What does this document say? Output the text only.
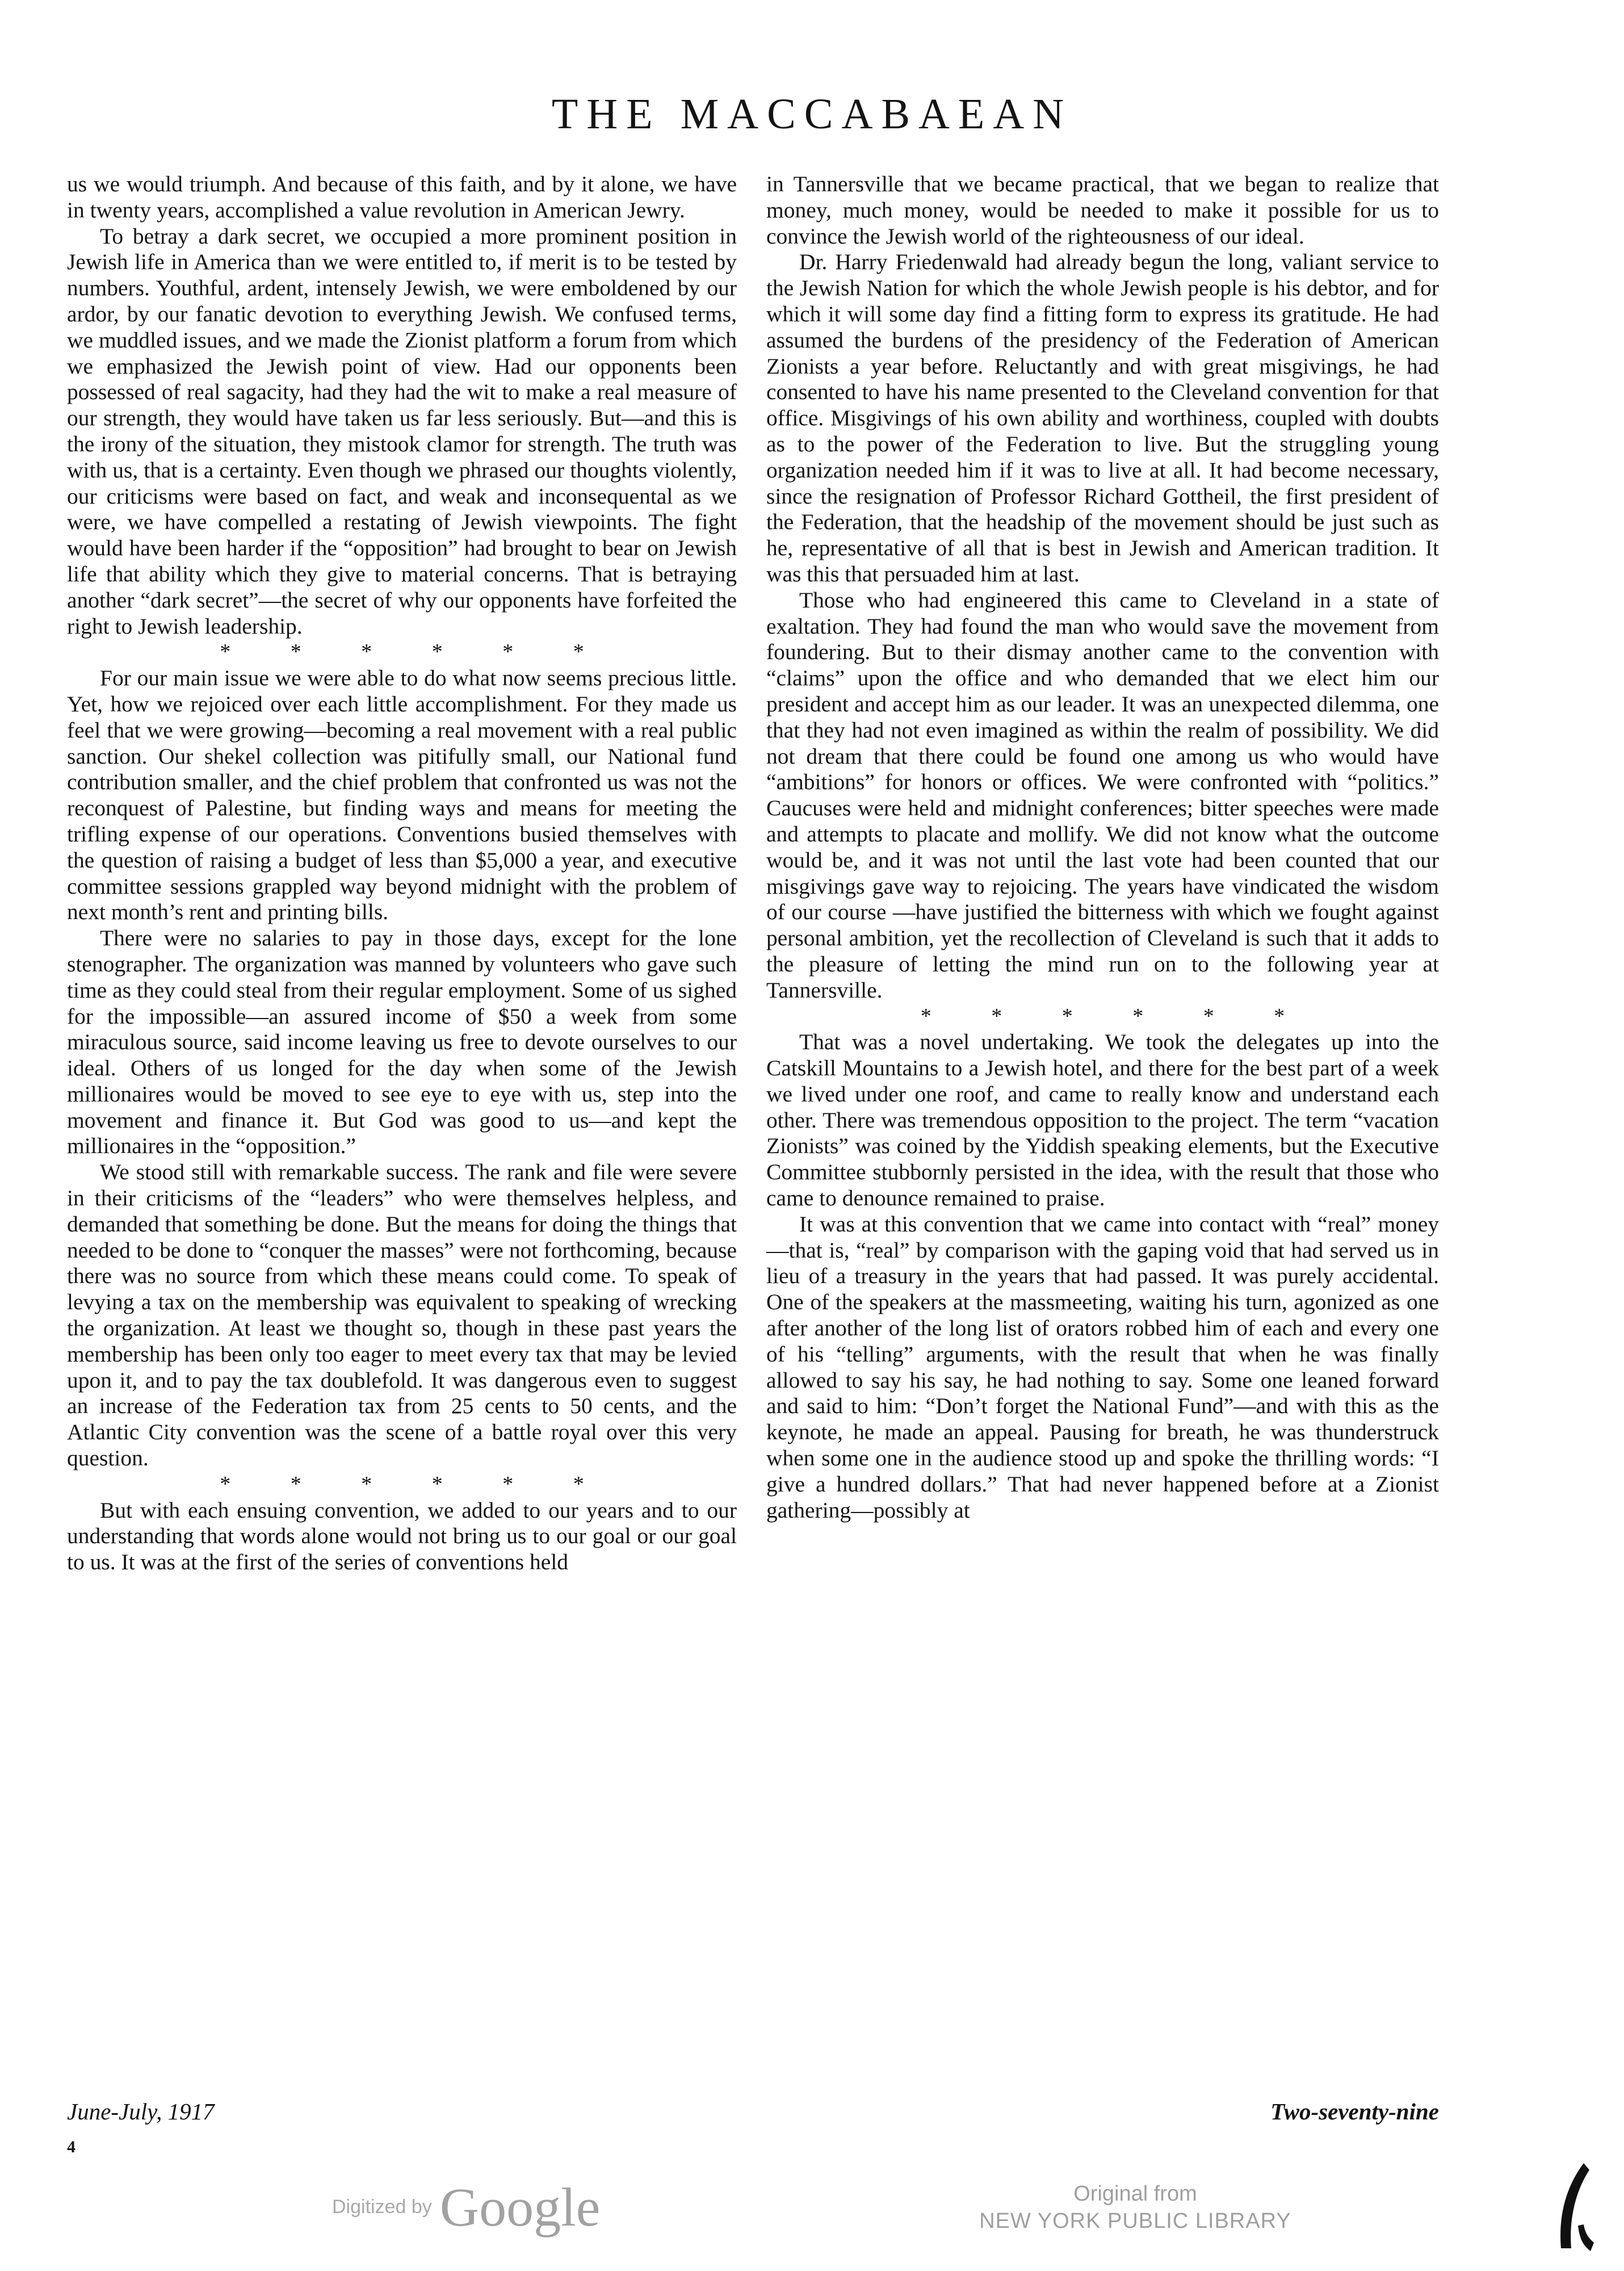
THE MACCABAEAN

us we would triumph. And because of this faith, and by it alone, we have in twenty years, accomplished a value revolution in American Jewry.

To betray a dark secret, we occupied a more prominent position in Jewish life in America than we were entitled to, if merit is to be tested by numbers. Youthful, ardent, intensely Jewish, we were emboldened by our ardor, by our fanatic devotion to everything Jewish. We confused terms, we muddled issues, and we made the Zionist platform a forum from which we emphasized the Jewish point of view. Had our opponents been possessed of real sagacity, had they had the wit to make a real measure of our strength, they would have taken us far less seriously. But—and this is the irony of the situation, they mistook clamor for strength. The truth was with us, that is a certainty. Even though we phrased our thoughts violently, our criticisms were based on fact, and weak and inconsequental as we were, we have compelled a restating of Jewish viewpoints. The fight would have been harder if the “opposition” had brought to bear on Jewish life that ability which they give to material concerns. That is betraying another “dark secret”—the secret of why our opponents have forfeited the right to Jewish leadership.

* * * * * *

For our main issue we were able to do what now seems precious little. Yet, how we rejoiced over each little accomplishment. For they made us feel that we were growing—becoming a real movement with a real public sanction. Our shekel collection was pitifully small, our National fund contribution smaller, and the chief problem that confronted us was not the reconquest of Palestine, but finding ways and means for meeting the trifling expense of our operations. Conventions busied themselves with the question of raising a budget of less than $5,000 a year, and executive committee sessions grappled way beyond midnight with the problem of next month’s rent and printing bills.

There were no salaries to pay in those days, except for the lone stenographer. The organization was manned by volunteers who gave such time as they could steal from their regular employment. Some of us sighed for the impossible—an assured income of $50 a week from some miraculous source, said income leaving us free to devote ourselves to our ideal. Others of us longed for the day when some of the Jewish millionaires would be moved to see eye to eye with us, step into the movement and finance it. But God was good to us—and kept the millionaires in the “opposition.”

We stood still with remarkable success. The rank and file were severe in their criticisms of the “leaders” who were themselves helpless, and demanded that something be done. But the means for doing the things that needed to be done to “conquer the masses” were not forthcoming, because there was no source from which these means could come. To speak of levying a tax on the membership was equivalent to speaking of wrecking the organization. At least we thought so, though in these past years the membership has been only too eager to meet every tax that may be levied upon it, and to pay the tax doublefold. It was dangerous even to suggest an increase of the Federation tax from 25 cents to 50 cents, and the Atlantic City convention was the scene of a battle royal over this very question.

* * * * * *

But with each ensuing convention, we added to our years and to our understanding that words alone would not bring us to our goal or our goal to us. It was at the first of the series of conventions held

in Tannersville that we became practical, that we began to realize that money, much money, would be needed to make it possible for us to convince the Jewish world of the righteousness of our ideal.

Dr. Harry Friedenwald had already begun the long, valiant service to the Jewish Nation for which the whole Jewish people is his debtor, and for which it will some day find a fitting form to express its gratitude. He had assumed the burdens of the presidency of the Federation of American Zionists a year before. Reluctantly and with great misgivings, he had consented to have his name presented to the Cleveland convention for that office. Misgivings of his own ability and worthiness, coupled with doubts as to the power of the Federation to live. But the struggling young organization needed him if it was to live at all. It had become necessary, since the resignation of Professor Richard Gottheil, the first president of the Federation, that the headship of the movement should be just such as he, representative of all that is best in Jewish and American tradition. It was this that persuaded him at last.

Those who had engineered this came to Cleveland in a state of exaltation. They had found the man who would save the movement from foundering. But to their dismay another came to the convention with “claims” upon the office and who demanded that we elect him our president and accept him as our leader. It was an unexpected dilemma, one that they had not even imagined as within the realm of possibility. We did not dream that there could be found one among us who would have “ambitions” for honors or offices. We were confronted with “politics.” Caucuses were held and midnight conferences; bitter speeches were made and attempts to placate and mollify. We did not know what the outcome would be, and it was not until the last vote had been counted that our misgivings gave way to rejoicing. The years have vindicated the wisdom of our course —have justified the bitterness with which we fought against personal ambition, yet the recollection of Cleveland is such that it adds to the pleasure of letting the mind run on to the following year at Tannersville.

* * * * * *

That was a novel undertaking. We took the delegates up into the Catskill Mountains to a Jewish hotel, and there for the best part of a week we lived under one roof, and came to really know and understand each other. There was tremendous opposition to the project. The term “vacation Zionists” was coined by the Yiddish speaking elements, but the Executive Committee stubbornly persisted in the idea, with the result that those who came to denounce remained to praise.

It was at this convention that we came into contact with “real” money—that is, “real” by comparison with the gaping void that had served us in lieu of a treasury in the years that had passed. It was purely accidental. One of the speakers at the massmeeting, waiting his turn, agonized as one after another of the long list of orators robbed him of each and every one of his “telling” arguments, with the result that when he was finally allowed to say his say, he had nothing to say. Some one leaned forward and said to him: “Don’t forget the National Fund”—and with this as the keynote, he made an appeal. Pausing for breath, he was thunderstruck when some one in the audience stood up and spoke the thrilling words: “I give a hundred dollars.” That had never happened before at a Zionist gathering—possibly at

June-July, 1917	Two-seventy-nine
4
Digitized by Google	Original from
NEW YORK PUBLIC LIBRARY
